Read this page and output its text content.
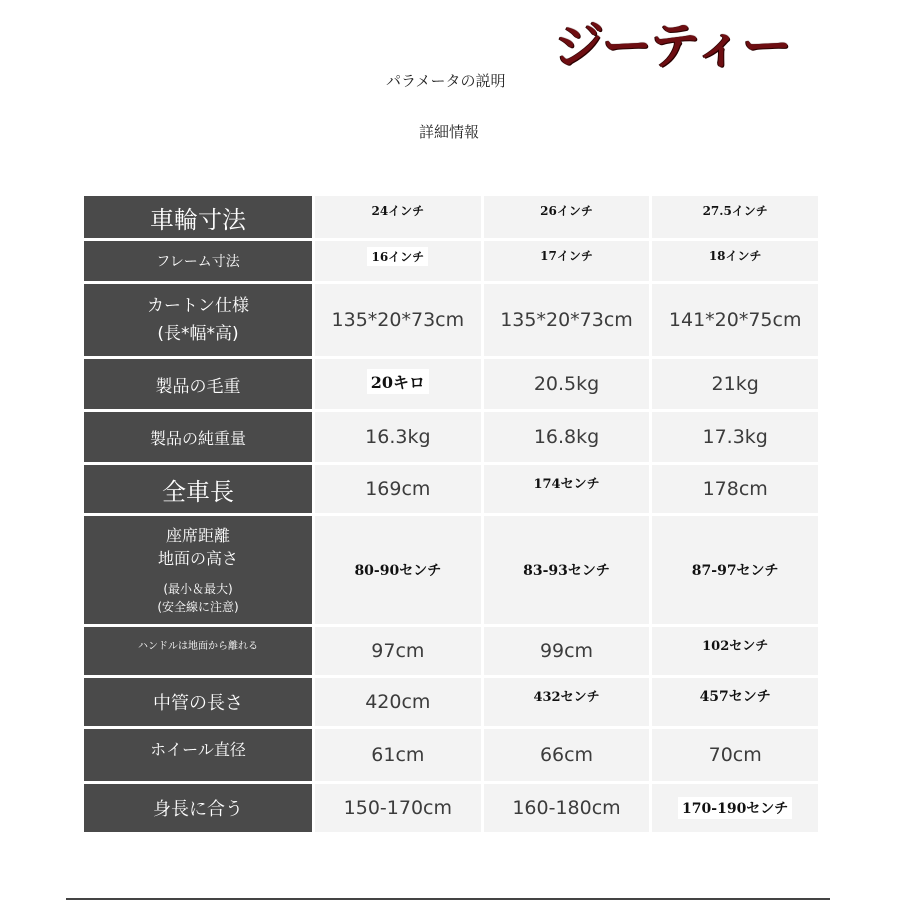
ジーティー
パラメータの説明
詳細情報
車輪寸法	24インチ	26インチ	27.5インチ
フレーム寸法	16インチ	17インチ	18インチ
カートン仕様
(長*幅*高)
135*20*73cm	135*20*73cm	141*20*75cm
製品の毛重	20キロ	20.5kg	21kg
製品の純重量	16.3kg	16.8kg	17.3kg
全車長	169cm	174センチ	178cm
座席距離
地面の高さ
(最小＆最大)
(安全線に注意)
80-90センチ	83-93センチ	87-97センチ
ハンドルは地面から離れる	97cm	99cm	102センチ
中管の長さ	420cm	432センチ	457センチ
ホイール直径	61cm	66cm	70cm
身長に合う	150-170cm	160-180cm	170-190センチ
